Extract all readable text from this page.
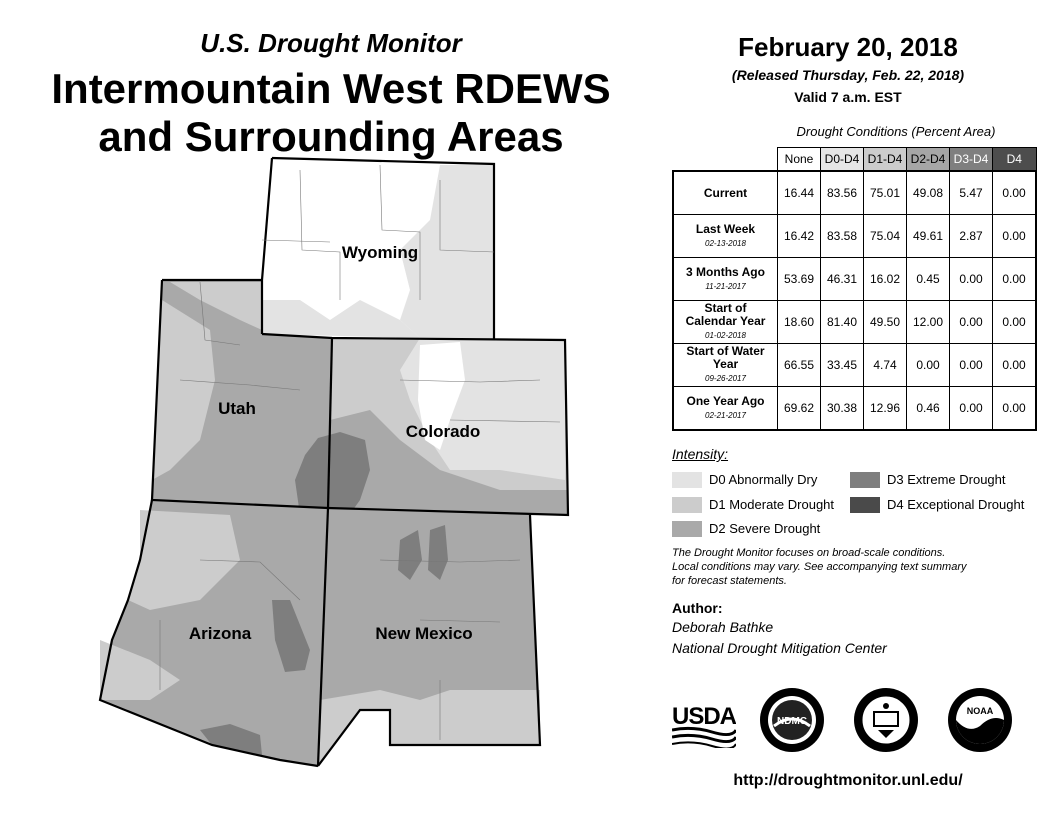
U.S. Drought Monitor
Intermountain West RDEWS
and Surrounding Areas
Wyoming
Utah
Colorado
Arizona	New Mexico
February 20, 2018
(Released Thursday, Feb. 22, 2018)
Valid 7 a.m. EST
Drought Conditions (Percent Area)
	None	D0-D4	D1-D4	D2-D4	D3-D4	D4
Current	16.44	83.56	75.01	49.08	5.47	0.00
Last Week
02-13-2018	16.42	83.58	75.04	49.61	2.87	0.00
3 Months Ago
11-21-2017	53.69	46.31	16.02	0.45	0.00	0.00
Start of Calendar Year
01-02-2018	18.60	81.40	49.50	12.00	0.00	0.00
Start of Water Year
09-26-2017	66.55	33.45	4.74	0.00	0.00	0.00
One Year Ago
02-21-2017	69.62	30.38	12.96	0.46	0.00	0.00
Intensity:
D0 Abnormally Dry
D1 Moderate Drought
D2 Severe Drought
D3 Extreme Drought
D4 Exceptional Drought
The Drought Monitor focuses on broad-scale conditions.
Local conditions may vary. See accompanying text summary
for forecast statements.
Author:
Deborah Bathke
National Drought Mitigation Center
USDA	NDMC
NOAA
http://droughtmonitor.unl.edu/
